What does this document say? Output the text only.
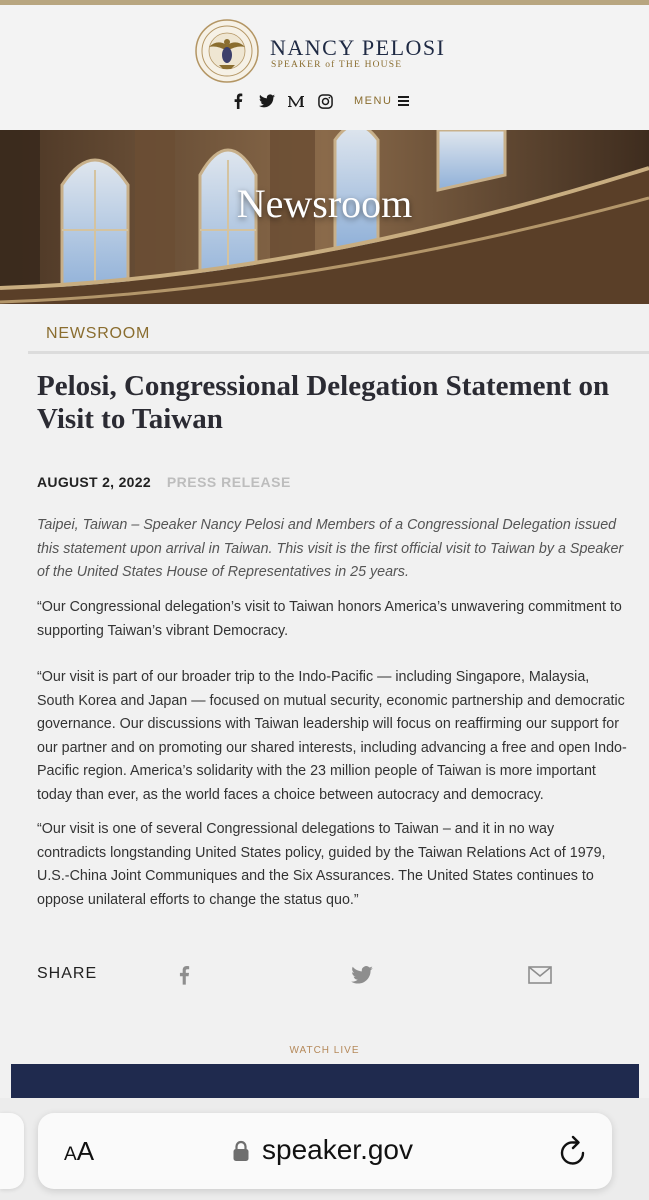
NANCY PELOSI
SPEAKER of THE HOUSE
MENU
Newsroom
NEWSROOM
Pelosi, Congressional Delegation Statement on Visit to Taiwan
AUGUST 2, 2022 PRESS RELEASE

Taipei, Taiwan – Speaker Nancy Pelosi and Members of a Congressional Delegation issued this statement upon arrival in Taiwan. This visit is the first official visit to Taiwan by a Speaker of the United States House of Representatives in 25 years.

“Our Congressional delegation’s visit to Taiwan honors America’s unwavering commitment to supporting Taiwan’s vibrant Democracy.

“Our visit is part of our broader trip to the Indo-Pacific — including Singapore, Malaysia, South Korea and Japan — focused on mutual security, economic partnership and democratic governance. Our discussions with Taiwan leadership will focus on reaffirming our support for our partner and on promoting our shared interests, including advancing a free and open Indo-Pacific region. America’s solidarity with the 23 million people of Taiwan is more important today than ever, as the world faces a choice between autocracy and democracy.

“Our visit is one of several Congressional delegations to Taiwan – and it in no way contradicts longstanding United States policy, guided by the Taiwan Relations Act of 1979, U.S.-China Joint Communiques and the Six Assurances. The United States continues to oppose unilateral efforts to change the status quo.”

SHARE
WATCH LIVE
AA	speaker.gov
